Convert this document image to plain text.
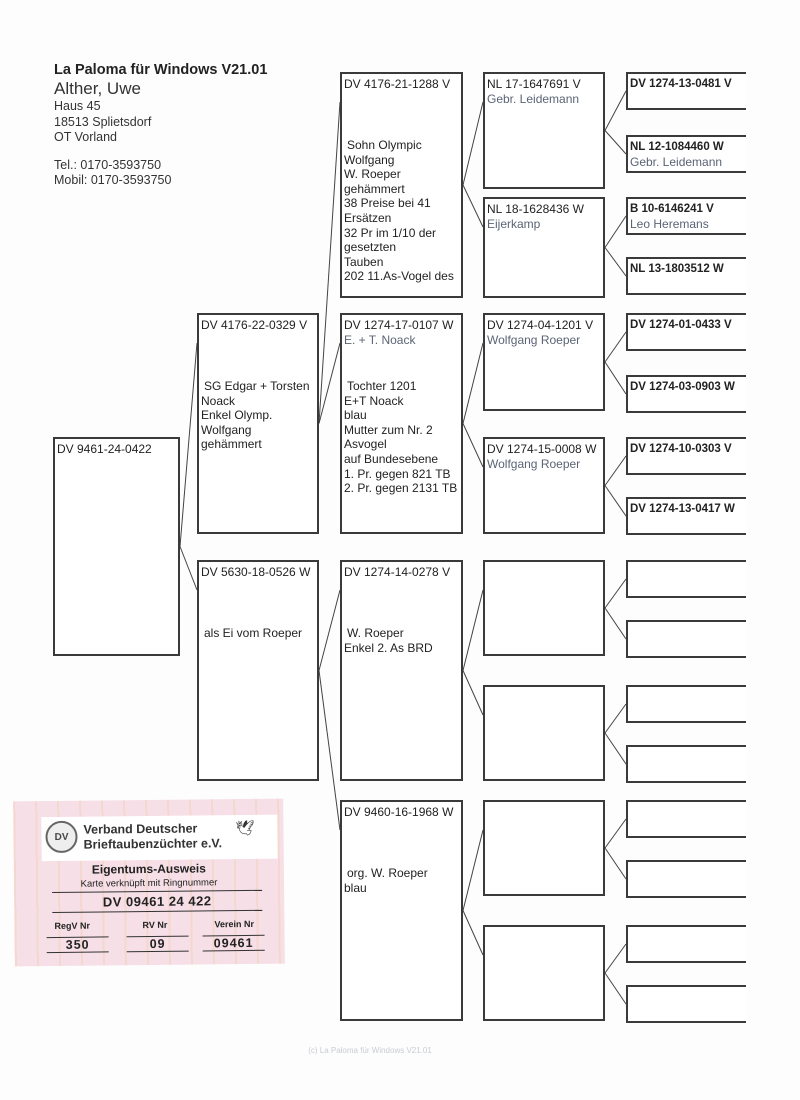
La Paloma für Windows V21.01
Alther, Uwe
Haus 45
18513 Splietsdorf
OT Vorland
Tel.: 0170-3593750
Mobil: 0170-3593750
DV 9461-24-0422
DV 4176-22-0329 V
SG Edgar + Torsten
Noack
Enkel Olymp.
Wolfgang
gehämmert
DV 5630-18-0526 W
als Ei vom Roeper
DV 4176-21-1288 V
Sohn Olympic
Wolfgang
W. Roeper
gehämmert
38 Preise bei 41
Ersätzen
32 Pr im 1/10 der
gesetzten
Tauben
202 11.As-Vogel des
DV 1274-17-0107 W
E. + T. Noack
Tochter 1201
E+T Noack
blau
Mutter zum Nr. 2
Asvogel
auf Bundesebene
1. Pr. gegen 821 TB
2. Pr. gegen 2131 TB
DV 1274-14-0278 V
W. Roeper
Enkel 2. As BRD
DV 9460-16-1968 W
org. W. Roeper
blau
NL 17-1647691 V
Gebr. Leidemann
NL 18-1628436 W
Eijerkamp
DV 1274-04-1201 V
Wolfgang Roeper
DV 1274-15-0008 W
Wolfgang Roeper
DV 1274-13-0481 V
NL 12-1084460 W
Gebr. Leidemann
B 10-6146241 V
Leo Heremans
NL 13-1803512 W
DV 1274-01-0433 V
DV 1274-03-0903 W
DV 1274-10-0303 V
DV 1274-13-0417 W
DV
Verband Deutscher
Brieftaubenzüchter e.V.
🕊
Eigentums-Ausweis
Karte verknüpft mit Ringnummer
DV 09461 24 422
RegV Nr	RV Nr	Verein Nr
350	09	09461
(c) La Paloma für Windows V21.01
